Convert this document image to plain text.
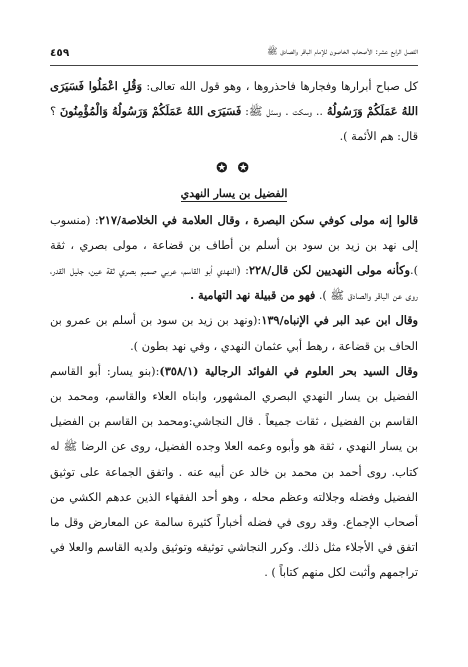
الفصل الرابع عشر: الأصحاب الخاصون للإمام الباقر والصادق ﷺ
٤٥٩

كل صباح أبرارها وفجارها فاحذروها ، وهو قول الله تعالى: وَقُلِ اعْمَلُوا فَسَيَرَى اللهُ عَمَلَكُمْ وَرَسُولُهُ .. وسكت . وسئل ﷺ: فَسَيَرَى اللهُ عَمَلَكُمْ وَرَسُولُهُ وَالْمُؤْمِنُونَ ؟ قال: هم الأئمة ).

✪ ✪
الفضيل بن يسار النهدي

قالوا إنه مولى كوفي سكن البصرة ، وقال العلامة في الخلاصة/٢١٧: (منسوب إلى نهد بن زيد بن سود بن أسلم بن أطاف بن قضاعة ، مولى بصري ، ثقة ).وكأنه مولى النهديين لكن قال/٢٢٨: (النهدي أبو القاسم، عربي صميم بصري ثقة عين، جليل القدر، روى عن الباقر والصادق ﷺ ). فهو من قبيلة نهد التهامية .

وقال ابن عبد البر في الإنباه/١٣٩:(ونهد بن زيد بن سود بن أسلم بن عمرو بن الحاف بن قضاعة ، رهط أبي عثمان النهدي ، وفي نهد بطون ).

وقال السيد بحر العلوم في الفوائد الرجالية (٣٥٨/١):(بنو يسار: أبو القاسم الفضيل بن يسار النهدي البصري المشهور، وابناه العلاء والقاسم، ومحمد بن القاسم بن الفضيل ، ثقات جميعاً . قال النجاشي:ومحمد بن القاسم بن الفضيل بن يسار النهدي ، ثقة هو وأبوه وعمه العلا وجده الفضيل، روى عن الرضا ﷺ له كتاب. روى أحمد بن محمد بن خالد عن أبيه عنه . واتفق الجماعة على توثيق الفضيل وفضله وجلالته وعظم محله ، وهو أحد الفقهاء الذين عدهم الكشي من أصحاب الإجماع. وقد روى في فضله أخباراً كثيرة سالمة عن المعارض وقل ما اتفق في الأجلاء مثل ذلك. وكرر النجاشي توثيقه وتوثيق ولديه القاسم والعلا في تراجمهم وأثبت لكل منهم كتاباً ) .
